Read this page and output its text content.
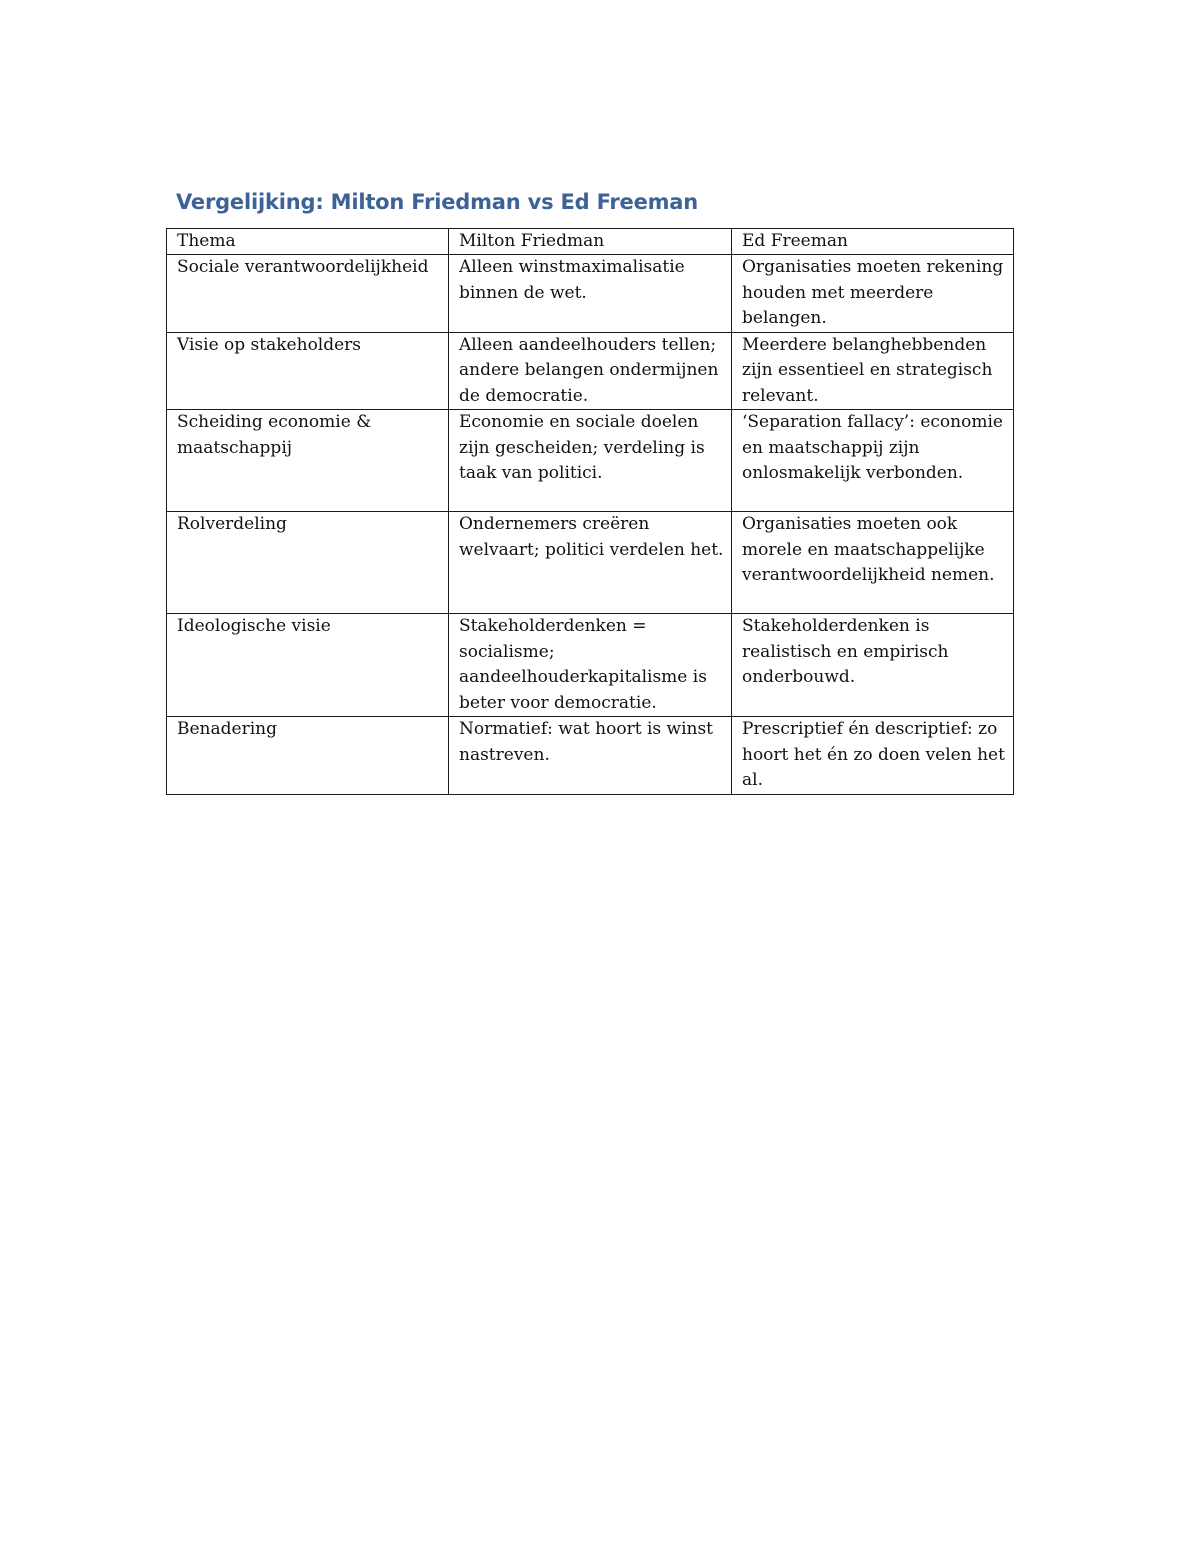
Vergelijking: Milton Friedman vs Ed Freeman
Thema	Milton Friedman	Ed Freeman
Sociale verantwoordelijkheid	Alleen winstmaximalisatie binnen de wet.	Organisaties moeten rekening houden met meerdere belangen.
Visie op stakeholders	Alleen aandeelhouders tellen; andere belangen ondermijnen de democratie.	Meerdere belanghebbenden zijn essentieel en strategisch relevant.
Scheiding economie & maatschappij	Economie en sociale doelen zijn gescheiden; verdeling is taak van politici.	‘Separation fallacy’: economie en maatschappij zijn onlosmakelijk verbonden.
Rolverdeling	Ondernemers creëren welvaart; politici verdelen het.	Organisaties moeten ook morele en maatschappelijke verantwoordelijkheid nemen.
Ideologische visie	Stakeholderdenken = socialisme; aandeelhouderkapitalisme is beter voor democratie.	Stakeholderdenken is realistisch en empirisch onderbouwd.
Benadering	Normatief: wat hoort is winst nastreven.	Prescriptief én descriptief: zo hoort het én zo doen velen het al.
